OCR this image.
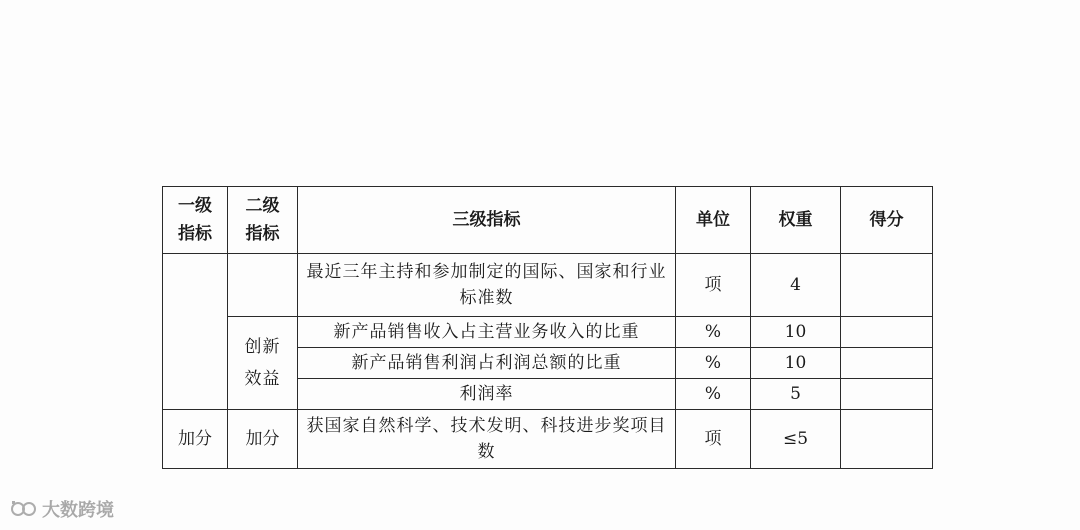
一级指标	二级指标	三级指标	单位	权重	得分
		最近三年主持和参加制定的国际、国家和行业标准数	项	4	
	创新效益	新产品销售收入占主营业务收入的比重	%	10	
		新产品销售利润占利润总额的比重	%	10	
		利润率	%	5	
加分	加分	获国家自然科学、技术发明、科技进步奖项目数	项	≤5	
大数跨境
